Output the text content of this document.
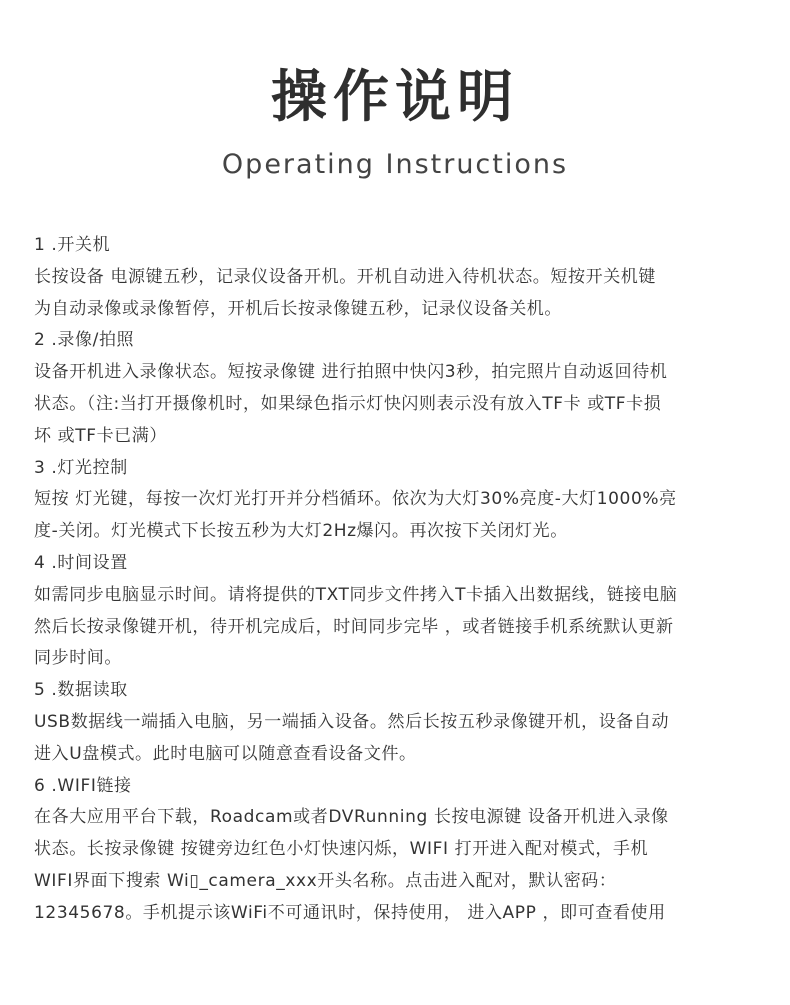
操作说明
Operating Instructions
1 .开关机
长按设备 电源键五秒，记录仪设备开机。开机自动进入待机状态。短按开关机键
为自动录像或录像暂停，开机后长按录像键五秒，记录仪设备关机。
2 .录像/拍照
设备开机进入录像状态。短按录像键 进行拍照中快闪3秒，拍完照片自动返回待机
状态。（注:当打开摄像机时，如果绿色指示灯快闪则表示没有放入TF卡 或TF卡损
坏 或TF卡已满）
3 .灯光控制
短按 灯光键，每按一次灯光打开并分档循环。依次为大灯30%亮度-大灯1000%亮
度-关闭。灯光模式下长按五秒为大灯2Hz爆闪。再次按下关闭灯光。
4 .时间设置
如需同步电脑显示时间。请将提供的TXT同步文件拷入T卡插入出数据线，链接电脑
然后长按录像键开机，待开机完成后，时间同步完毕 ，或者链接手机系统默认更新
同步时间。
5 .数据读取
USB数据线一端插入电脑，另一端插入设备。然后长按五秒录像键开机，设备自动
进入U盘模式。此时电脑可以随意查看设备文件。
6 .WIFI链接
在各大应用平台下载，Roadcam或者DVRunning 长按电源键 设备开机进入录像
状态。长按录像键 按键旁边红色小灯快速闪烁，WIFI 打开进入配对模式，手机
WIFI界面下搜索 Wi▯_camera_xxx开头名称。点击进入配对，默认密码：
12345678。手机提示该WiFi不可通讯时，保持使用， 进入APP ，即可查看使用
